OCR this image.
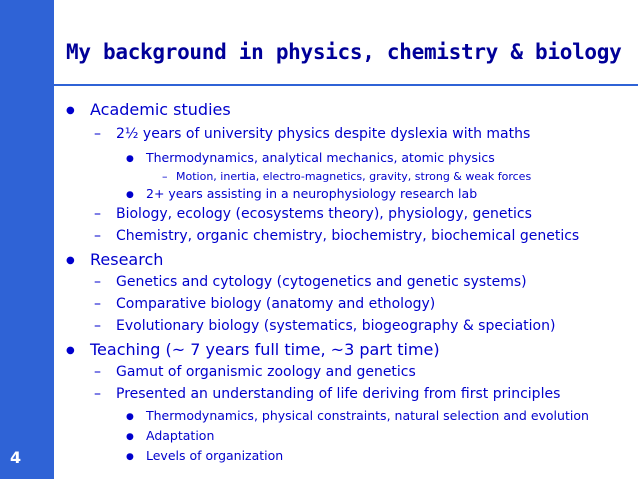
My background in physics, chemistry & biology
4
● Academic studies
–	2½ years of university physics despite dyslexia with maths
● Thermodynamics, analytical mechanics, atomic physics
– Motion, inertia, electro-magnetics, gravity, strong & weak forces
● 2+ years assisting in a neurophysiology research lab
–	Biology, ecology (ecosystems theory), physiology, genetics
–	Chemistry, organic chemistry, biochemistry, biochemical genetics
● Research
–	Genetics and cytology (cytogenetics and genetic systems)
–	Comparative biology (anatomy and ethology)
–	Evolutionary biology (systematics, biogeography & speciation)
● Teaching (~ 7 years full time, ~3 part time)
–	Gamut of organismic zoology and genetics
–	Presented an understanding of life deriving from first principles
● Thermodynamics, physical constraints, natural selection and evolution
● Adaptation
● Levels of organization
